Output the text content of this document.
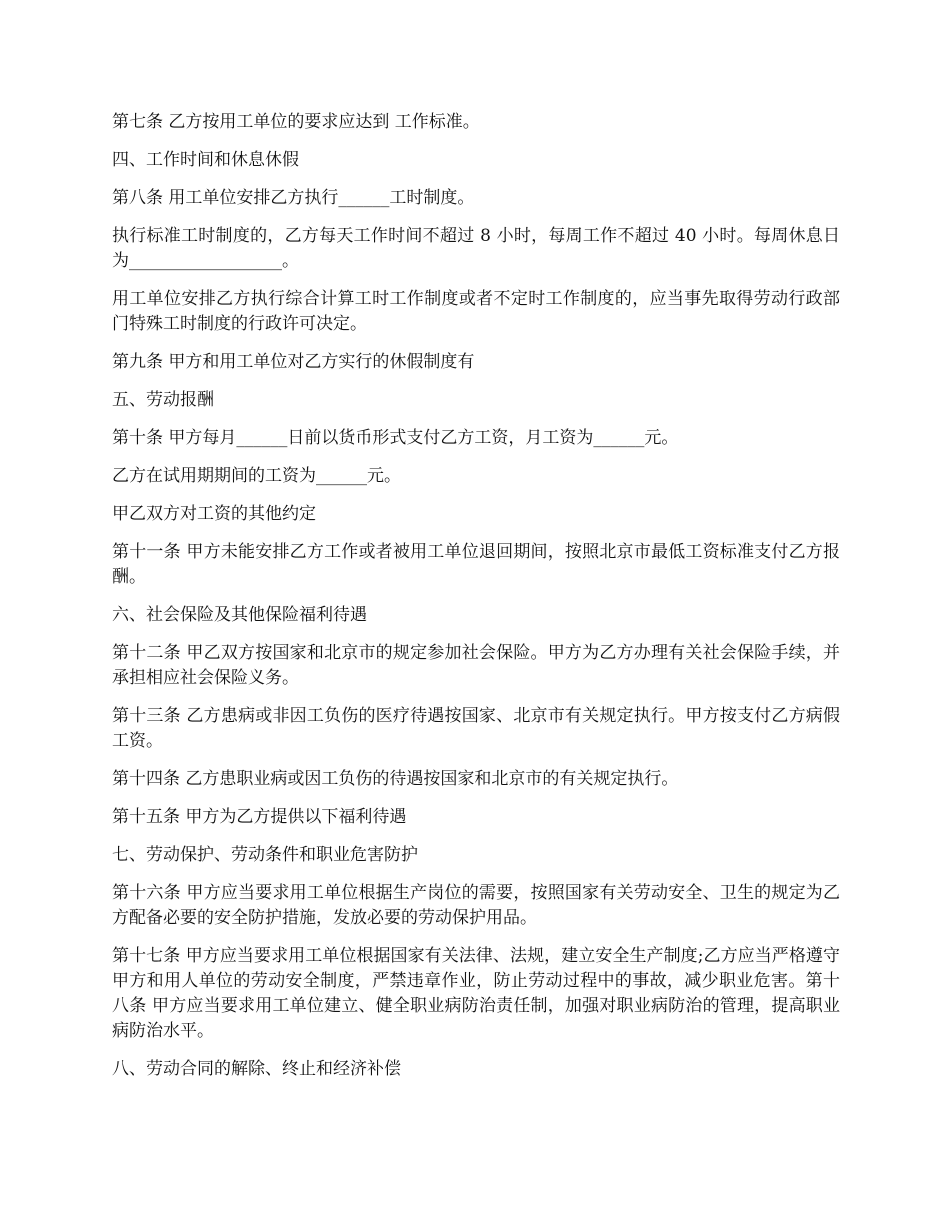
第七条 乙方按用工单位的要求应达到 工作标准。

四、工作时间和休息休假

第八条 用工单位安排乙方执行______工时制度。

执行标准工时制度的，乙方每天工作时间不超过 8 小时，每周工作不超过 40 小时。每周休息日为__________________。

用工单位安排乙方执行综合计算工时工作制度或者不定时工作制度的，应当事先取得劳动行政部门特殊工时制度的行政许可决定。

第九条 甲方和用工单位对乙方实行的休假制度有

五、劳动报酬

第十条 甲方每月______日前以货币形式支付乙方工资，月工资为______元。

乙方在试用期期间的工资为______元。

甲乙双方对工资的其他约定

第十一条 甲方未能安排乙方工作或者被用工单位退回期间，按照北京市最低工资标准支付乙方报酬。

六、社会保险及其他保险福利待遇

第十二条 甲乙双方按国家和北京市的规定参加社会保险。甲方为乙方办理有关社会保险手续，并承担相应社会保险义务。

第十三条 乙方患病或非因工负伤的医疗待遇按国家、北京市有关规定执行。甲方按支付乙方病假工资。

第十四条 乙方患职业病或因工负伤的待遇按国家和北京市的有关规定执行。

第十五条 甲方为乙方提供以下福利待遇

七、劳动保护、劳动条件和职业危害防护

第十六条 甲方应当要求用工单位根据生产岗位的需要，按照国家有关劳动安全、卫生的规定为乙方配备必要的安全防护措施，发放必要的劳动保护用品。

第十七条 甲方应当要求用工单位根据国家有关法律、法规，建立安全生产制度;乙方应当严格遵守甲方和用人单位的劳动安全制度，严禁违章作业，防止劳动过程中的事故，减少职业危害。第十八条 甲方应当要求用工单位建立、健全职业病防治责任制，加强对职业病防治的管理，提高职业病防治水平。

八、劳动合同的解除、终止和经济补偿
